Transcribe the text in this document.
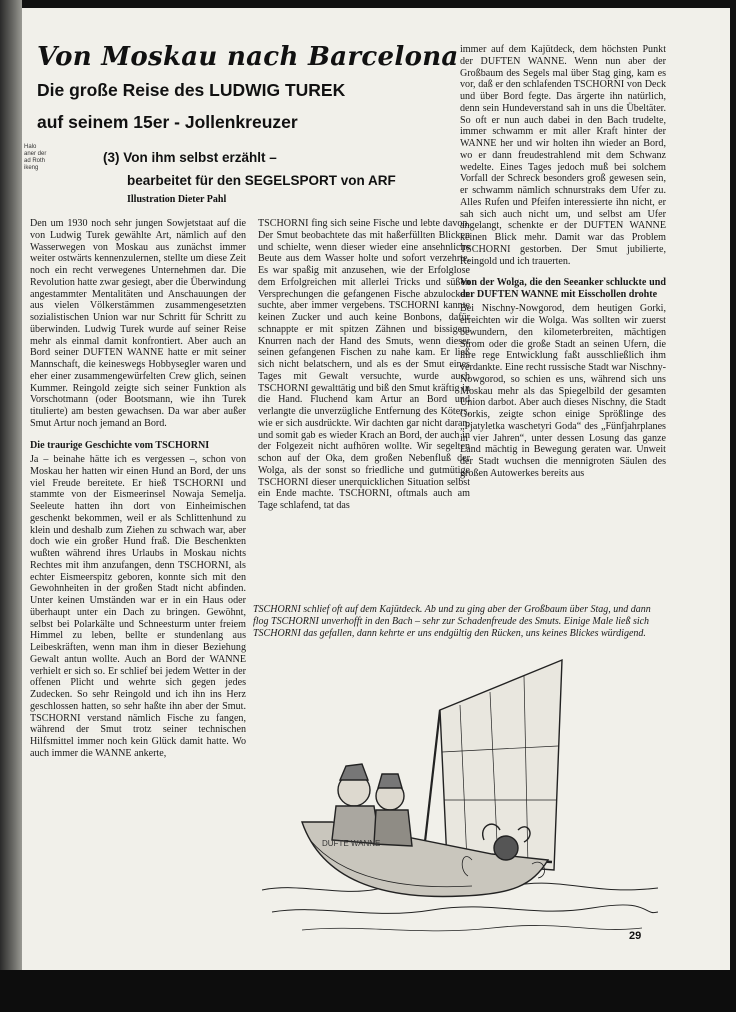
Halo
aner der
ad Roth
ikeng
Von Moskau nach Barcelona
Die große Reise des LUDWIG TUREK
auf seinem 15er - Jollenkreuzer
(3) Von ihm selbst erzählt –
bearbeitet für den SEGELSPORT von ARF
Illustration Dieter Pahl

Den um 1930 noch sehr jungen Sowjetstaat auf die von Ludwig Turek gewählte Art, nämlich auf den Wasserwegen von Moskau aus zunächst immer weiter ostwärts kennenzulernen, stellte um diese Zeit noch ein recht verwegenes Unternehmen dar. Die Revolution hatte zwar gesiegt, aber die Überwindung angestammter Mentalitäten und Anschauungen der aus vielen Völkerstämmen zusammengesetzten sozialistischen Union war nur Schritt für Schritt zu überwinden. Ludwig Turek wurde auf seiner Reise mehr als einmal damit konfrontiert. Aber auch an Bord seiner DUFTEN WANNE hatte er mit seiner Mannschaft, die keineswegs Hobbysegler waren und eher einer zusammengewürfelten Crew glich, seinen Kummer. Reingold zeigte sich seiner Funktion als Vorschotmann (oder Bootsmann, wie ihn Turek titulierte) am besten gewachsen. Da war aber außer Smut Artur noch jemand an Bord.

Die traurige Geschichte vom TSCHORNI

Ja – beinahe hätte ich es vergessen –, schon von Moskau her hatten wir einen Hund an Bord, der uns viel Freude bereitete. Er hieß TSCHORNI und stammte von der Eismeerinsel Nowaja Semelja. Seeleute hatten ihn dort von Einheimischen geschenkt bekommen, weil er als Schlittenhund zu klein und deshalb zum Ziehen zu schwach war, aber doch wie ein großer Hund fraß. Die Beschenkten wußten während ihres Urlaubs in Moskau nichts Rechtes mit ihm anzufangen, denn TSCHORNI, als echter Eismeerspitz geboren, konnte sich mit den Gewohnheiten in der großen Stadt nicht abfinden. Unter keinen Umständen war er in ein Haus oder überhaupt unter ein Dach zu bringen. Gewöhnt, selbst bei Polarkälte und Schneesturm unter freiem Himmel zu leben, bellte er stundenlang aus Leibeskräften, wenn man ihm in dieser Beziehung Gewalt antun wollte. Auch an Bord der WANNE verhielt er sich so. Er schlief bei jedem Wetter in der offenen Plicht und wehrte sich gegen jedes Zudecken. So sehr Reingold und ich ihn ins Herz geschlossen hatten, so sehr haßte ihn aber der Smut. TSCHORNI verstand nämlich Fische zu fangen, während der Smut trotz seiner technischen Hilfsmittel immer noch kein Glück damit hatte. Wo auch immer die WANNE ankerte,

TSCHORNI fing sich seine Fische und lebte davon. Der Smut beobachtete das mit haßerfüllten Blicken und schielte, wenn dieser wieder eine ansehnliche Beute aus dem Wasser holte und sofort verzehrte. Es war spaßig mit anzusehen, wie der Erfolglose dem Erfolgreichen mit allerlei Tricks und süßen Versprechungen die gefangenen Fische abzulocken suchte, aber immer vergebens. TSCHORNI kannte keinen Zucker und auch keine Bonbons, dafür schnappte er mit spitzen Zähnen und bissigem Knurren nach der Hand des Smuts, wenn dieser seinen gefangenen Fischen zu nahe kam. Er ließ sich nicht belatschern, und als es der Smut eines Tages mit Gewalt versuchte, wurde auch TSCHORNI gewalttätig und biß den Smut kräftig in die Hand. Fluchend kam Artur an Bord und verlangte die unverzügliche Entfernung des Köters, wie er sich ausdrückte. Wir dachten gar nicht daran, und somit gab es wieder Krach an Bord, der auch in der Folgezeit nicht aufhören wollte. Wir segelten schon auf der Oka, dem großen Nebenfluß der Wolga, als der sonst so friedliche und gutmütige TSCHORNI dieser unerquicklichen Situation selbst ein Ende machte. TSCHORNI, oftmals auch am Tage schlafend, tat das

immer auf dem Kajütdeck, dem höchsten Punkt der DUFTEN WANNE. Wenn nun aber der Großbaum des Segels mal über Stag ging, kam es vor, daß er den schlafenden TSCHORNI von Deck und über Bord fegte. Das ärgerte ihn natürlich, denn sein Hundeverstand sah in uns die Übeltäter. So oft er nun auch dabei in den Bach trudelte, immer schwamm er mit aller Kraft hinter der WANNE her und wir holten ihn wieder an Bord, wo er dann freudestrahlend mit dem Schwanz wedelte. Eines Tages jedoch muß bei solchem Vorfall der Schreck besonders groß gewesen sein, er schwamm nämlich schnurstraks dem Ufer zu. Alles Rufen und Pfeifen interessierte ihn nicht, er sah sich auch nicht um, und selbst am Ufer angelangt, schenkte er der DUFTEN WANNE keinen Blick mehr. Damit war das Problem TSCHORNI gestorben. Der Smut jubilierte, Reingold und ich trauerten.

Von der Wolga, die den Seeanker schluckte und der DUFTEN WANNE mit Eisschollen drohte

Bei Nischny-Nowgorod, dem heutigen Gorki, erreichten wir die Wolga. Was sollten wir zuerst bewundern, den kilometerbreiten, mächtigen Strom oder die große Stadt an seinen Ufern, die ihre rege Entwicklung faßt ausschließlich ihm verdankte. Eine recht russische Stadt war Nischny-Nowgorod, so schien es uns, während sich uns Moskau mehr als das Spiegelbild der gesamten Union darbot. Aber auch dieses Nischny, die Stadt Gorkis, zeigte schon einige Sprößlinge des „Pjatyletka waschetyri Goda“ des „Fünfjahrplanes in vier Jahren“, unter dessen Losung das ganze Land mächtig in Bewegung geraten war. Unweit der Stadt wuchsen die mennigroten Säulen des großen Autowerkes bereits aus

TSCHORNI schlief oft auf dem Kajütdeck. Ab und zu ging aber der Großbaum über Stag, und dann flog TSCHORNI unverhofft in den Bach – sehr zur Schadenfreude des Smuts. Einige Male ließ sich TSCHORNI das gefallen, dann kehrte er uns endgültig den Rücken, uns keines Blickes würdigend.
DUFTE WANNE
29
